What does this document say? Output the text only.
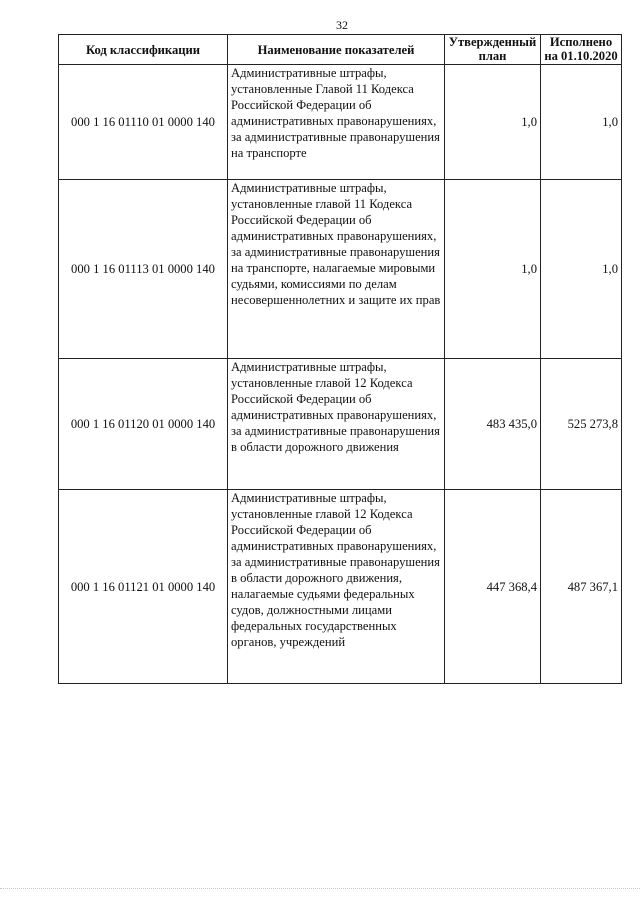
32
Код классификации	Наименование показателей	Утвержденный план	Исполнено на 01.10.2020
000 1 16 01110 01 0000 140	Административные штрафы, установленные Главой 11 Кодекса Российской Федерации об административных правонарушениях, за административные правонарушения на транспорте	1,0	1,0
000 1 16 01113 01 0000 140	Административные штрафы, установленные главой 11 Кодекса Российской Федерации об административных правонарушениях, за административные правонарушения на транспорте, налагаемые мировыми судьями, комиссиями по делам несовершеннолетних и защите их прав	1,0	1,0
000 1 16 01120 01 0000 140	Административные штрафы, установленные главой 12 Кодекса Российской Федерации об административных правонарушениях, за административные правонарушения в области дорожного движения	483 435,0	525 273,8
000 1 16 01121 01 0000 140	Административные штрафы, установленные главой 12 Кодекса Российской Федерации об административных правонарушениях, за административные правонарушения в области дорожного движения, налагаемые судьями федеральных судов, должностными лицами федеральных государственных органов, учреждений	447 368,4	487 367,1
